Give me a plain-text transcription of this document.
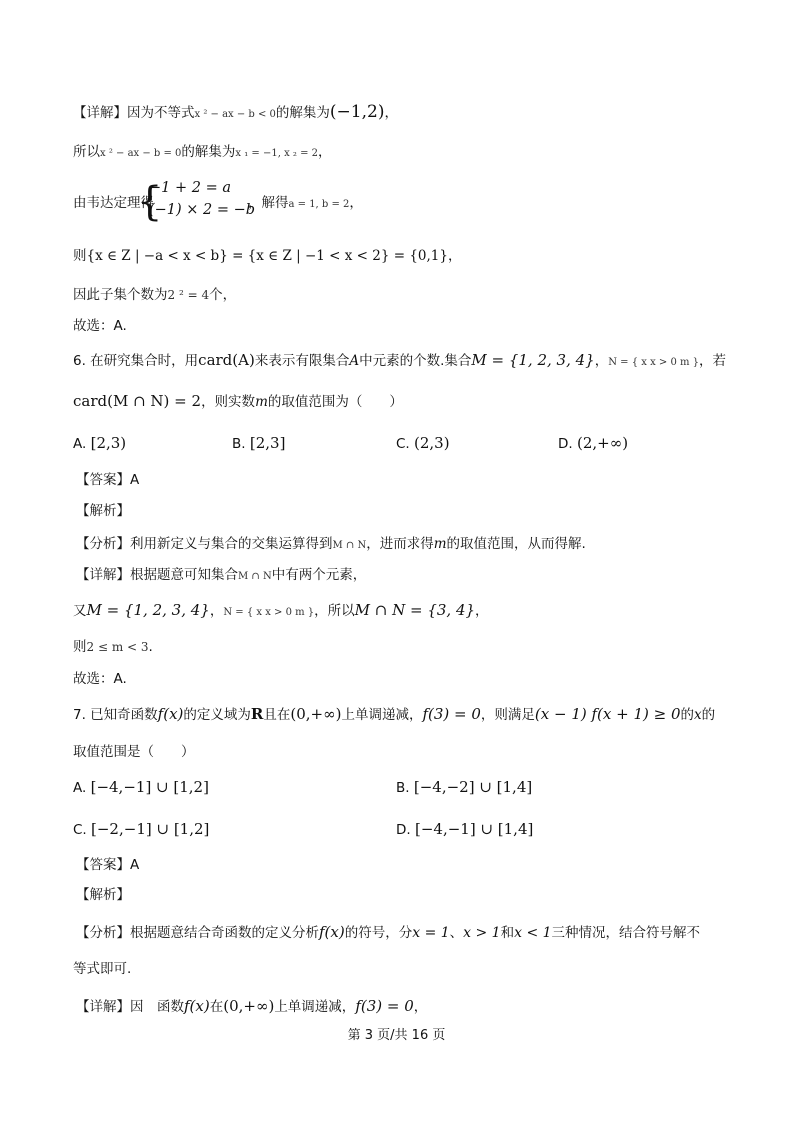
【详解】因为不等式x ² − ax − b < 0的解集为(−1,2)，
所以x ² − ax − b = 0的解集为x ₁ = −1, x ₂ = 2，
由韦达定理得
{
−1 + 2 = a
(−1) × 2 = −b
，解得a = 1, b = 2，
则{x ∈ Z | −a < x < b} = {x ∈ Z | −1 < x < 2} = {0,1}，
因此子集个数为2 ² = 4个，
故选：A.
6. 在研究集合时，用card(A)来表示有限集合A中元素的个数.集合M = {1, 2, 3, 4}，N = { x x > 0 m }，若
card(M ∩ N) = 2，则实数m的取值范围为（　　）
A. [2,3)	B. [2,3]	C. (2,3)	D. (2,+∞)
【答案】A
【解析】
【分析】利用新定义与集合的交集运算得到M ∩ N，进而求得m的取值范围，从而得解.
【详解】根据题意可知集合M ∩ N中有两个元素，
又M = {1, 2, 3, 4}，N = { x x > 0 m }，所以M ∩ N = {3, 4}，
则2 ≤ m < 3.
故选：A.
7. 已知奇函数f(x)的定义域为R且在(0,+∞)上单调递减，f(3) = 0，则满足(x − 1) f(x + 1) ≥ 0的x的
取值范围是（　　）
A. [−4,−1] ∪ [1,2]	B. [−4,−2] ∪ [1,4]
C. [−2,−1] ∪ [1,2]	D. [−4,−1] ∪ [1,4]
【答案】A
【解析】
【分析】根据题意结合奇函数的定义分析f(x)的符号，分x = 1、x > 1和x < 1三种情况，结合符号解不
等式即可.
【详解】因　函数f(x)在(0,+∞)上单调递减，f(3) = 0，
第 3 页/共 16 页
